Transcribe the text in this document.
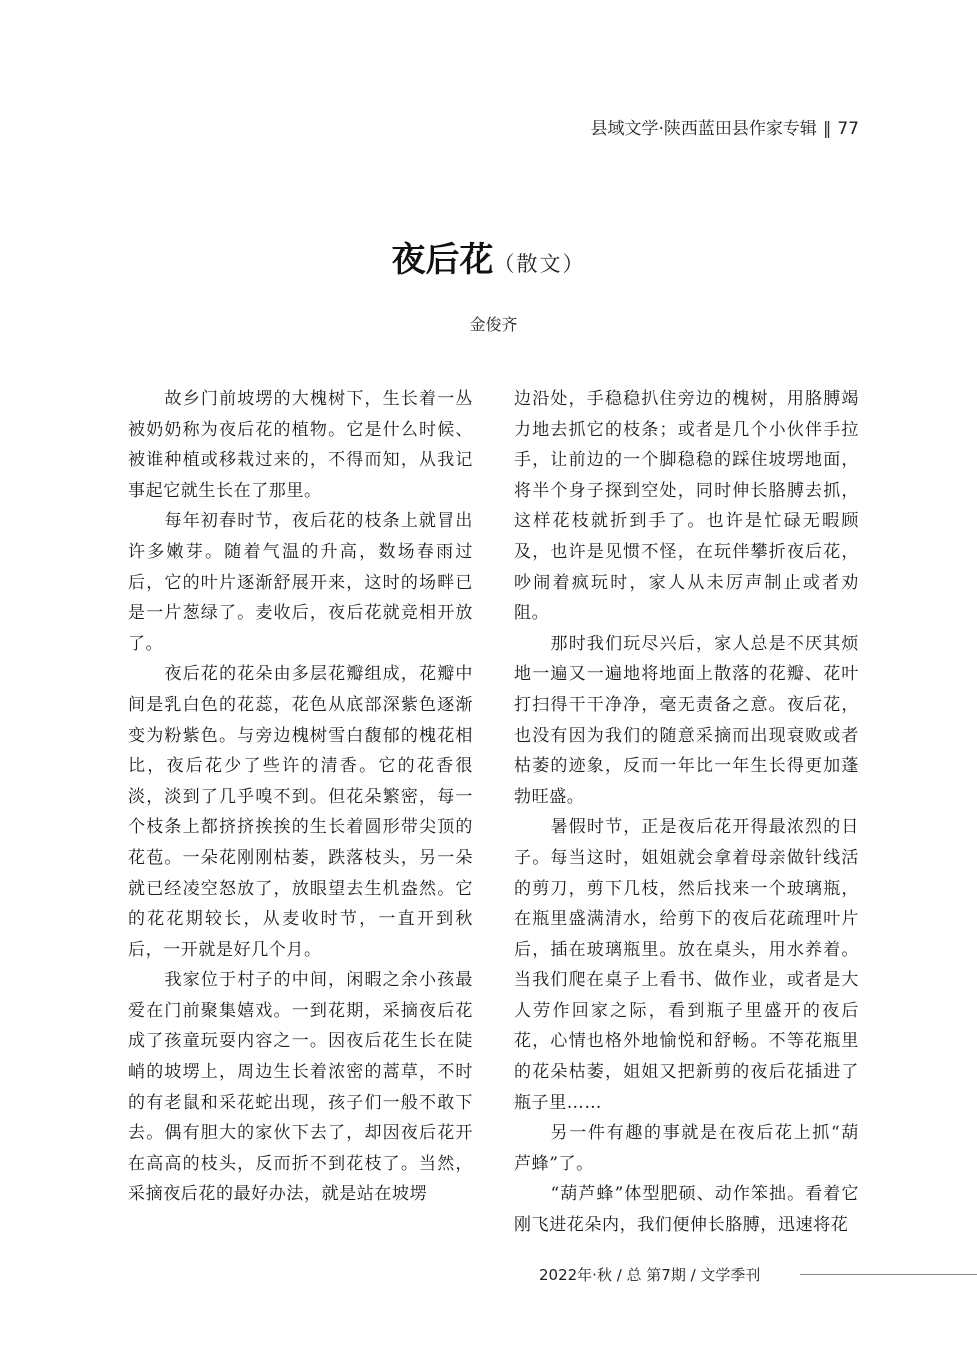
县域文学·陕西蓝田县作家专辑 ‖ 77
夜后花（散文）
金俊齐

故乡门前坡塄的大槐树下，生长着一丛被奶奶称为夜后花的植物。它是什么时候、被谁种植或移栽过来的，不得而知，从我记事起它就生长在了那里。

每年初春时节，夜后花的枝条上就冒出许多嫩芽。随着气温的升高，数场春雨过后，它的叶片逐渐舒展开来，这时的场畔已是一片葱绿了。麦收后，夜后花就竞相开放了。

夜后花的花朵由多层花瓣组成，花瓣中间是乳白色的花蕊，花色从底部深紫色逐渐变为粉紫色。与旁边槐树雪白馥郁的槐花相比，夜后花少了些许的清香。它的花香很淡，淡到了几乎嗅不到。但花朵繁密，每一个枝条上都挤挤挨挨的生长着圆形带尖顶的花苞。一朵花刚刚枯萎，跌落枝头，另一朵就已经凌空怒放了，放眼望去生机盎然。它的花花期较长，从麦收时节，一直开到秋后，一开就是好几个月。

我家位于村子的中间，闲暇之余小孩最爱在门前聚集嬉戏。一到花期，采摘夜后花成了孩童玩耍内容之一。因夜后花生长在陡峭的坡塄上，周边生长着浓密的蒿草，不时的有老鼠和采花蛇出现，孩子们一般不敢下去。偶有胆大的家伙下去了，却因夜后花开在高高的枝头，反而折不到花枝了。当然，采摘夜后花的最好办法，就是站在坡塄

边沿处，手稳稳扒住旁边的槐树，用胳膊竭力地去抓它的枝条；或者是几个小伙伴手拉手，让前边的一个脚稳稳的踩住坡塄地面，将半个身子探到空处，同时伸长胳膊去抓，这样花枝就折到手了。也许是忙碌无暇顾及，也许是见惯不怪，在玩伴攀折夜后花，吵闹着疯玩时，家人从未厉声制止或者劝阻。

那时我们玩尽兴后，家人总是不厌其烦地一遍又一遍地将地面上散落的花瓣、花叶打扫得干干净净，毫无责备之意。夜后花，也没有因为我们的随意采摘而出现衰败或者枯萎的迹象，反而一年比一年生长得更加蓬勃旺盛。

暑假时节，正是夜后花开得最浓烈的日子。每当这时，姐姐就会拿着母亲做针线活的剪刀，剪下几枝，然后找来一个玻璃瓶，在瓶里盛满清水，给剪下的夜后花疏理叶片后，插在玻璃瓶里。放在桌头，用水养着。当我们爬在桌子上看书、做作业，或者是大人劳作回家之际，看到瓶子里盛开的夜后花，心情也格外地愉悦和舒畅。不等花瓶里的花朵枯萎，姐姐又把新剪的夜后花插进了瓶子里……

另一件有趣的事就是在夜后花上抓“葫芦蜂”了。

“葫芦蜂”体型肥硕、动作笨拙。看着它刚飞进花朵内，我们便伸长胳膊，迅速将花

2022年·秋 / 总 第7期 / 文学季刊
